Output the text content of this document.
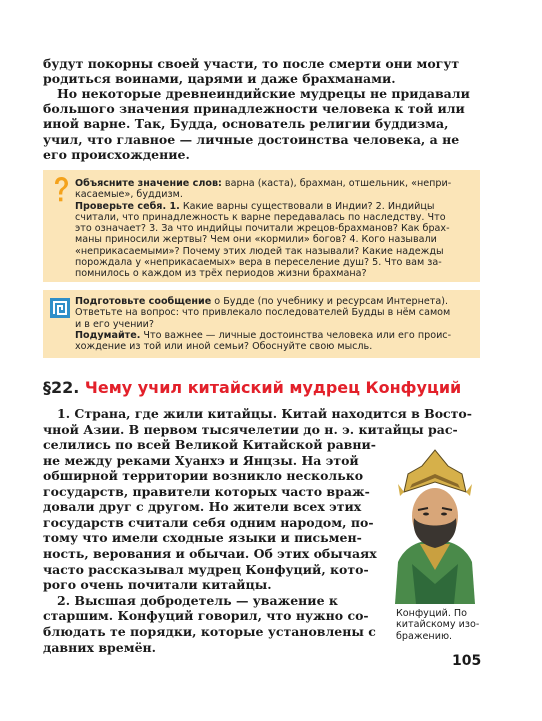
будут покорны своей участи, то после смерти они могут
родиться воинами, царями и даже брахманами.

Но некоторые древнеиндийские мудрецы не придавали
большого значения принадлежности человека к той или
иной варне. Так, Будда, основатель религии буддизма,
учил, что главное — личные достоинства человека, а не
его происхождение.

Объясните значение слов: варна (каста), брахман, отшельник, «непри-
касаемые», буддизм.
Проверьте себя. 1. Какие варны существовали в Индии? 2. Индийцы
считали, что принадлежность к варне передавалась по наследству. Что
это означает? 3. За что индийцы почитали жрецов-брахманов? Как брах-
маны приносили жертвы? Чем они «кормили» богов? 4. Кого называли
«неприкасаемыми»? Почему этих людей так называли? Какие надежды
порождала у «неприкасаемых» вера в переселение душ? 5. Что вам за-
помнилось о каждом из трёх периодов жизни брахмана?
Подготовьте сообщение о Будде (по учебнику и ресурсам Интернета).
Ответьте на вопрос: что привлекало последователей Будды в нём самом
и в его учении?
Подумайте. Что важнее — личные достоинства человека или его проис-
хождение из той или иной семьи? Обоснуйте свою мысль.
§22. Чему учил китайский мудрец Конфуций
1. Страна, где жили китайцы. Китай находится в Восто-
чной Азии. В первом тысячелетии до н. э. китайцы рас-
селились по всей Великой Китайской равни-
не между реками Хуанхэ и Янцзы. На этой
обширной территории возникло несколько
государств, правители которых часто враж-
довали друг с другом. Но жители всех этих
государств считали себя одним народом, по-
тому что имели сходные языки и письмен-
ность, верования и обычаи. Об этих обычаях
часто рассказывал мудрец Конфуций, кото-
рого очень почитали китайцы.
2. Высшая добродетель — уважение к
старшим. Конфуций говорил, что нужно со-
блюдать те порядки, которые установлены с
давних времён.
Конфуций. По
китайскому изо-
бражению.

105
